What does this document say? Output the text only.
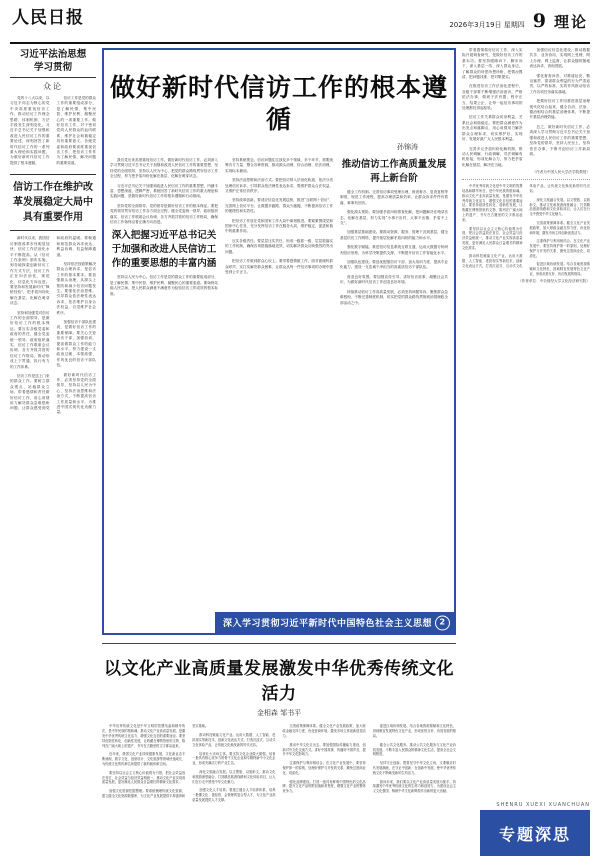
人民日报	2026年3月19日 星期四 9 理论
习近平法治思想
学习贯彻
众论

党的十八大以来，以习近平同志为核心的党中央高度重视信访工作，推动信访工作理念思路、体制机制、方法手段发生深刻变化。习近平总书记关于加强和改进人民信访工作的重要论述，深刻回答了新时代信访工作的一系列重大理论和实践问题，为做好新时代信访工作提供了根本遵循。

信访工作是党的群众工作的重要组成部分，是了解民情、集中民智、维护民利、凝聚民心的一项重要工作。做好信访工作，对于密切党同人民群众的血肉联系、维护社会和谐稳定具有重要意义。各级党委和政府要高度重视信访工作，把信访工作作为了解民情、解决问题的重要渠道。

信访工作在维护改革发展稳定大局中具有重要作用

新时代以来，我国信访制度改革步伐明显加快，信访工作法治化水平不断提高。从《信访工作条例》颁布实施，到各地探索创新信访工作方式方法，信访工作正在向法治化、规范化、信息化方向迈进。要坚持和发展新时代“枫桥经验”，把矛盾纠纷化解在基层、化解在萌芽状态。

坚持和加强党对信访工作的全面领导，是做好信访工作的根本保证。要压实各级党委和政府的责任，健全党委统一领导、政府组织落实、信访工作联席会议协调、各方齐抓共管的信访工作格局，推动形成上下贯通、执行有力的工作体系。

信访工作是送上门来的群众工作。要树立群众观点，站稳群众立场，带着感情和责任做好信访工作，用心用情用力解决群众急难愁盼问题，让群众感受到党和政府的温暖。要畅通和规范群众诉求表达、利益协调、权益保障通道。

坚持依法按政策解决群众合理诉求，是信访工作的基本要求。要加强源头治理，从源头上预防和减少信访问题发生。要强化法治思维，引导群众依法理性表达诉求，依法维护自身合法权益，自觉维护社会秩序。

加强信访干部队伍建设，是做好信访工作的重要保障。要关心关爱信访干部，加强培训，提高做群众工作的能力和水平，努力建设一支政治过硬、本领高强、作风优良的信访干部队伍。

做好新时代信访工作，必须坚持党的全面领导，坚持以人民为中心，坚持法治思维和法治方式，不断提高信访工作质量和水平，为推进中国式现代化贡献力量。

做好新时代信访工作的根本遵循
孙锦涛

我们党历来高度重视信访工作。做好新时代信访工作，必须深入学习贯彻习近平总书记关于加强和改进人民信访工作的重要思想，坚持党的全面领导，坚持以人民为中心，把党的群众路线贯穿信访工作全过程，努力把矛盾纠纷化解在基层、化解在萌芽状态。

习近平总书记关于加强和改进人民信访工作的重要思想，内涵丰富、思想深邃、逻辑严密，系统回答了新时代信访工作的重大理论和实践问题，是做好新时代信访工作的根本遵循和行动指南。

坚持党的全面领导。党的领导是做好信访工作的根本保证。要把党的领导贯穿信访工作各方面全过程，健全党委统一领导、政府组织落实、信访工作联席会议协调、各方齐抓共管的信访工作格局，确保信访工作始终沿着正确方向前进。

深入把握习近平总书记关于加强和改进人民信访工作的重要思想的丰富内涵

坚持以人民为中心。信访工作是党的群众工作的重要组成部分，是了解民情、集中民智、维护民利、凝聚民心的重要渠道。要始终站稳人民立场，把人民群众满意不满意作为检验信访工作成效的根本标准。

坚持系统观念。信访问题往往涉及多个领域、多个环节，需要统筹各方力量、整合各种资源，推动源头治理、综合治理、依法治理，实现标本兼治。

坚持法治思维和法治方式。要把信访纳入法治化轨道，依法分类处理信访诉求，引导群众依法理性表达诉求，既维护群众合法权益，又维护正常信访秩序。

坚持改革创新。要适应信息化发展趋势，推进“互联网＋信访”，完善网上信访平台，让数据多跑路、群众少跑腿，不断提高信访工作的便捷性和实效性。

把信访工作放在党和国家工作大局中谋划推进。要紧紧围绕党和国家中心任务，充分发挥信访工作在服务大局、维护稳定、促进和谐中的重要作用。

压实各级责任。要层层压实责任，形成一级抓一级、层层抓落实的工作机制，确保各项措施落地见效，切实解决群众反映强烈的突出问题。

把信访工作做到群众心坎上。要带着感情做工作，面对面倾听群众呼声，实打实解决群众困难，让群众从每一件信访事项的办理中感受到公平正义。

推动信访工作高质量发展再上新台阶

健全工作机制。完善信访事项受理办理、督查督办、复查复核等制度，规范工作流程，提高办理质量和效率，让群众诉求件件有着落、事事有回音。

强化源头预防。要加强矛盾纠纷排查化解，把问题解决在萌芽状态、化解在基层，努力实现“小事不出村、大事不出镇、矛盾不上交”。

加强基层基础建设。要推动资源、服务、管理下沉到基层，健全基层信访工作网络，提升基层化解矛盾纠纷的能力和水平。

强化数字赋能。推进信访信息系统互联互通，运用大数据分析研判信访形势，为科学决策提供支撑，不断提升信访工作智能化水平。

加强队伍建设。要选优配强信访干部，加大培训力度，提高专业化能力，建设一支忠诚干净担当的高素质信访干部队伍。

营造良好氛围。要加强宣传引导，讲好信访故事，凝聚社会共识，为做好新时代信访工作创造良好环境。

持续推动信访工作高质量发展，必须坚持问题导向，聚焦群众急难愁盼，不断完善制度机制，切实把党的群众路线贯彻到治国理政全部活动之中。

深入学习贯彻习近平新时代中国特色社会主义思想 2
以文化产业高质量发展激发中华优秀传统文化活力
金相森 邹书平

中华优秀传统文化是中华文明的智慧结晶和精华所在，是中华民族的根和魂。推动文化产业高质量发展，是激发中华优秀传统文化活力、增强文化自信的重要途径。要坚持创造性转化、创新性发展，让收藏在博物馆里的文物、陈列在广阔大地上的遗产、书写在古籍里的文字都活起来。

近年来，我国文化产业持续健康发展，文化新业态不断涌现，数字文化、创意设计、文化旅游等领域快速成长，为传统文化的传承弘扬提供了新的载体和空间。

要坚持以社会主义核心价值观为引领，把社会效益放在首位、社会效益与经济效益相统一，推动文化产业实现高质量发展，更好满足人民群众日益增长的精神文化需求。

加强文化资源挖掘整理。要系统梳理传统文化资源，建立健全文化资源数据库，为文化产业发展提供丰厚滋养和坚实基础。

推动科技赋能文化产业。运用大数据、人工智能、虚拟现实等新技术，创新文化表达方式，打造沉浸式、互动式文化体验产品，让传统文化焕发新的时代光彩。

培育壮大市场主体。要支持文化企业做大做强，培育一批具有核心竞争力的骨干文化企业和专精特新中小文化企业，形成充满活力的产业生态。

深化文旅融合发展。以文塑旅、以旅彰文，推动文化和旅游深度融合，打造精品旅游线路和文化体验项目，让人们在行走中感受中华文化魅力。

加强文化人才培养。要建立健全人才培养体系，培养一批懂文化、善经营、会管理的复合型人才，为文化产业高质量发展提供人才支撑。

完善政策保障体系。健全文化产业发展政策，加大财政金融支持力度，优化营商环境，激发市场主体创新创造活力。

推动中华文化走出去。要加强国际传播能力建设，创新对外文化交流方式，讲好中国故事、传播好中国声音，提升中华文化影响力。

注重保护与利用相结合。在文化产业发展中，要坚持保护第一的原则，处理好保护与开发的关系，避免过度商业化、同质化。

强化品牌建设。打造一批具有鲜明中国特色的文化品牌，提升文化产品的附加值和美誉度，增强文化产业的整体竞争力。

促进区域协调发展。结合各地资源禀赋和文化特色，因地制宜发展特色文化产业，形成优势互补、协同发展的格局。

健全公共文化服务。推动公共文化服务与文化产业协同发展，不断丰富人民群众的精神文化生活，提高全社会文明程度。

坚持守正创新。既要坚守中华文化立场，又要顺应时代发展潮流，在守正中创新、在创新中发展，使中华优秀传统文化不断焕发新的生机活力。

面向未来，我们要以文化产业高质量发展为抓手，持续激发中华优秀传统文化的生命力和创造力，为建设社会主义文化强国、铸就中华文化新辉煌作出新的更大贡献。

带着感情做好信访工作，深入实际开展调查研究，是做好信访工作的基本功。要坚持眼睛向下、脚步向下，深入基层一线、深入群众身边，了解群众的所思所想所盼，把情况摸清、把问题找准、把对策提实。

在推进信访工作法治化进程中，各级干部要不断增强法治意识，严格依法办事，做到于法有据、程序正当、结果公正，让每一起信访事项的处理都经得起检验。

信访工作关系群众切身利益，关系社会和谐稳定。要把群众满意作为出发点和落脚点，用心用情用力解决群众合理诉求，切实维护好、实现好、发展好最广大人民根本利益。

完善多元矛盾纠纷化解机制，推动人民调解、行政调解、司法调解有机衔接，形成化解合力，努力把矛盾化解在基层、解决在当地。

加强信访信息化建设，推动数据共享、业务协同，实现网上受理、网上办理、网上监督，让群众随时随地表达诉求、查询进展。

强化督查问责，对推诿扯皮、敷衍塞责、损害群众利益的行为严肃追责，以严的标准、实的作风推动信访工作各项任务落实落地。

把做好信访工作同推进基层治理现代化结合起来，健全自治、法治、德治相结合的基层治理体系，不断提升基层治理效能。

总之，做好新时代信访工作，必须深入学习贯彻习近平总书记关于加强和改进人民信访工作的重要思想，坚持党的领导，坚持人民至上，坚持依法办事，不断开创信访工作新局面。

（作者为中国人民大学法学院教授）

中华优秀传统文化是中华文明的智慧结晶和精华所在，是中华民族的根和魂。推动文化产业高质量发展，是激发中华优秀传统文化活力、增强文化自信的重要途径。要坚持创造性转化、创新性发展，让收藏在博物馆里的文物、陈列在广阔大地上的遗产、书写在古籍里的文字都活起来。

要坚持以社会主义核心价值观为引领，把社会效益放在首位、社会效益与经济效益相统一，推动文化产业实现高质量发展，更好满足人民群众日益增长的精神文化需求。

推动科技赋能文化产业。运用大数据、人工智能、虚拟现实等新技术，创新文化表达方式，打造沉浸式、互动式文化体验产品，让传统文化焕发新的时代光彩。

深化文旅融合发展。以文塑旅、以旅彰文，推动文化和旅游深度融合，打造精品旅游线路和文化体验项目，让人们在行走中感受中华文化魅力。

完善政策保障体系。健全文化产业发展政策，加大财政金融支持力度，优化营商环境，激发市场主体创新创造活力。

注重保护与利用相结合。在文化产业发展中，要坚持保护第一的原则，处理好保护与开发的关系，避免过度商业化、同质化。

促进区域协调发展。结合各地资源禀赋和文化特色，因地制宜发展特色文化产业，形成优势互补、协同发展的格局。

（作者单位：中央财经大学文化经济研究院）
SHENRU XUEXI XUANCHUAN
专题深思
